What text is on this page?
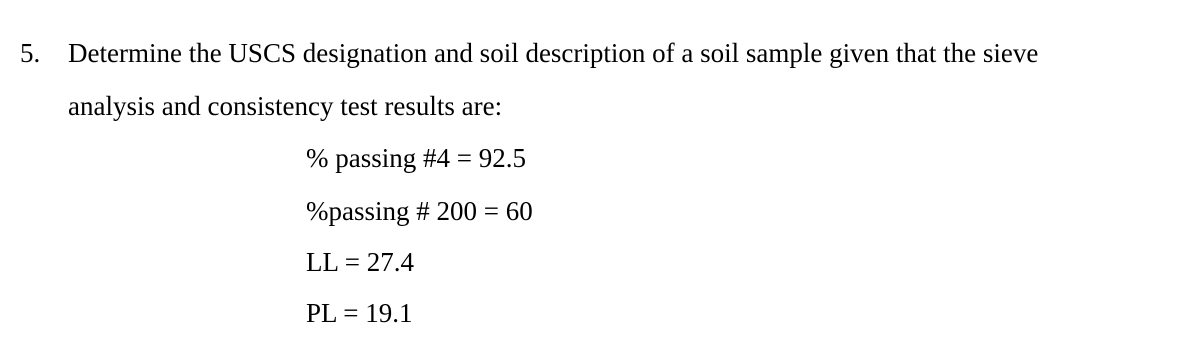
5. Determine the USCS designation and soil description of a soil sample given that the sieve
analysis and consistency test results are:
% passing #4 = 92.5
%passing # 200 = 60
LL = 27.4
PL = 19.1
